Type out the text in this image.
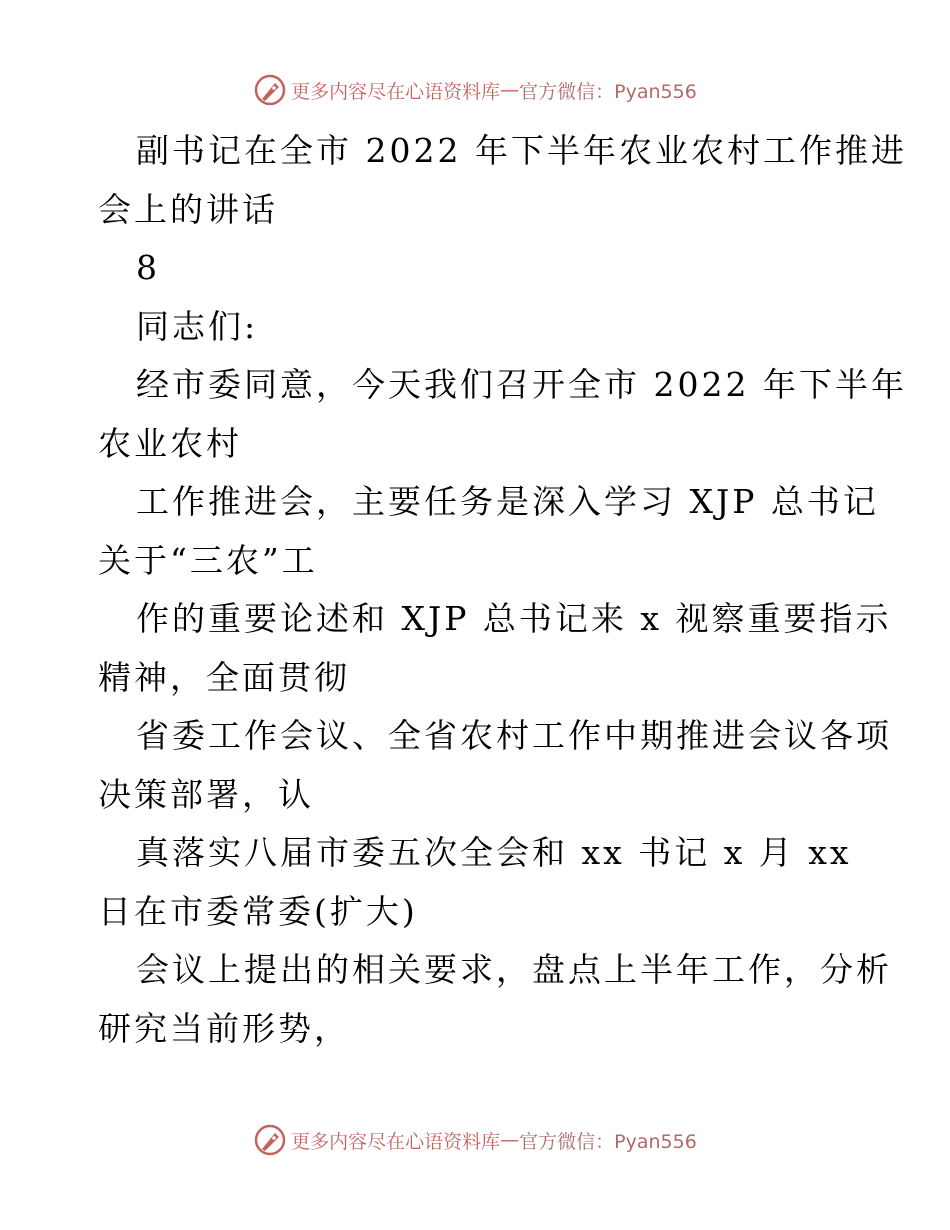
更多内容尽在心语资料库 — 官方微信：Pyan556
副书记在全市 2022 年下半年农业农村工作推进
会上的讲话
8
同志们:
经市委同意，今天我们召开全市 2022 年下半年
农业农村
工作推进会，主要任务是深入学习 XJP 总书记
关于“三农”工
作的重要论述和 XJP 总书记来 x 视察重要指示
精神，全面贯彻
省委工作会议、全省农村工作中期推进会议各项
决策部署，认
真落实八届市委五次全会和 xx 书记 x 月 xx
日在市委常委(扩大)
会议上提出的相关要求，盘点上半年工作，分析
研究当前形势，
更多内容尽在心语资料库 — 官方微信：Pyan556
